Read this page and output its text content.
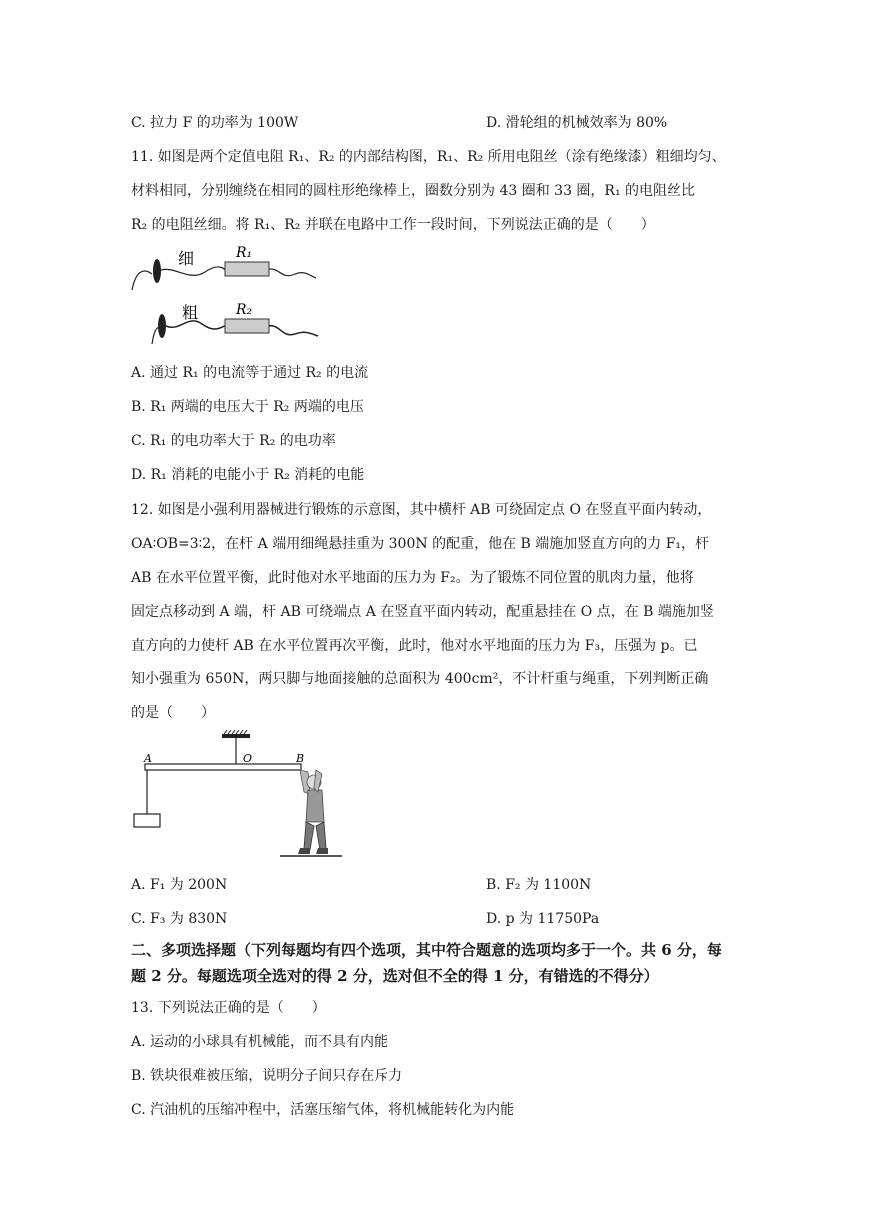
C. 拉力 F 的功率为 100W	D. 滑轮组的机械效率为 80%
11. 如图是两个定值电阻 R₁、R₂ 的内部结构图，R₁、R₂ 所用电阻丝（涂有绝缘漆）粗细均匀、
材料相同，分别缠绕在相同的圆柱形绝缘棒上，圈数分别为 43 圈和 33 圈，R₁ 的电阻丝比
R₂ 的电阻丝细。将 R₁、R₂ 并联在电路中工作一段时间，下列说法正确的是（　　）
细	R₁
粗	R₂
A. 通过 R₁ 的电流等于通过 R₂ 的电流
B. R₁ 两端的电压大于 R₂ 两端的电压
C. R₁ 的电功率大于 R₂ 的电功率
D. R₁ 消耗的电能小于 R₂ 消耗的电能
12. 如图是小强利用器械进行锻炼的示意图，其中横杆 AB 可绕固定点 O 在竖直平面内转动，
OA∶OB=3∶2，在杆 A 端用细绳悬挂重为 300N 的配重，他在 B 端施加竖直方向的力 F₁，杆
AB 在水平位置平衡，此时他对水平地面的压力为 F₂。为了锻炼不同位置的肌肉力量，他将
固定点移动到 A 端，杆 AB 可绕端点 A 在竖直平面内转动，配重悬挂在 O 点，在 B 端施加竖
直方向的力使杆 AB 在水平位置再次平衡，此时，他对水平地面的压力为 F₃，压强为 p。已
知小强重为 650N，两只脚与地面接触的总面积为 400cm²，不计杆重与绳重，下列判断正确
的是（　　）
A	O	B
A. F₁ 为 200N	B. F₂ 为 1100N
C. F₃ 为 830N	D. p 为 11750Pa
二、多项选择题（下列每题均有四个选项，其中符合题意的选项均多于一个。共 6 分，每
题 2 分。每题选项全选对的得 2 分，选对但不全的得 1 分，有错选的不得分）
13. 下列说法正确的是（　　）
A. 运动的小球具有机械能，而不具有内能
B. 铁块很难被压缩，说明分子间只存在斥力
C. 汽油机的压缩冲程中，活塞压缩气体，将机械能转化为内能
